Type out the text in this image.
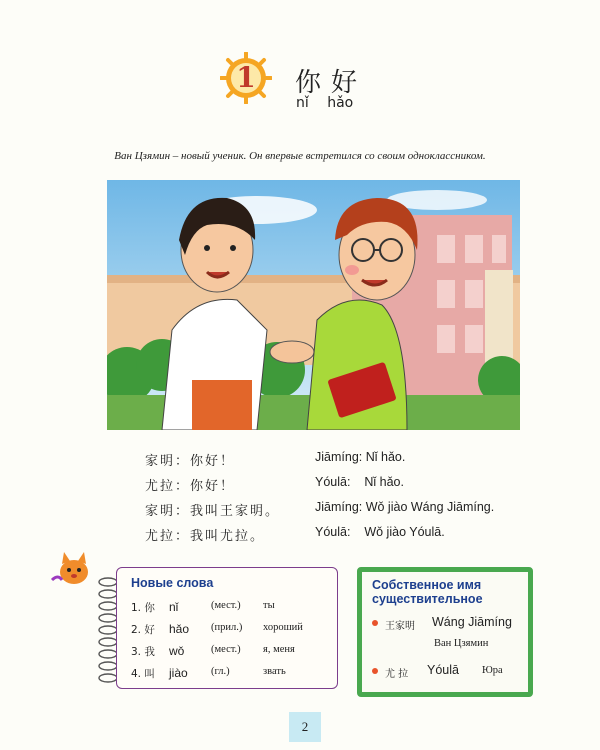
1	你好
nǐ hǎo
Ван Цзямин – новый ученик. Он впервые встретился со своим одноклассником.
家明：你好！	Jiāmíng: Nǐ hǎo.
尤拉：你好！	Yóulā:    Nǐ hǎo.
家明：我叫王家明。	Jiāmíng: Wǒ jiào Wáng Jiāmíng.
尤拉：我叫尤拉。	Yóulā:    Wǒ jiào Yóulā.
Новые слова
1. 你 nǐ	(мест.) ты
2. 好 hǎo (прил.) хороший
3. 我 wǒ	(мест.) я, меня
4. 叫 jiào (гл.)	звать
Собственное имя существительное
王家明 Wáng Jiāmíng
Ван Цзямин
尤 拉 Yóulā Юра
2
